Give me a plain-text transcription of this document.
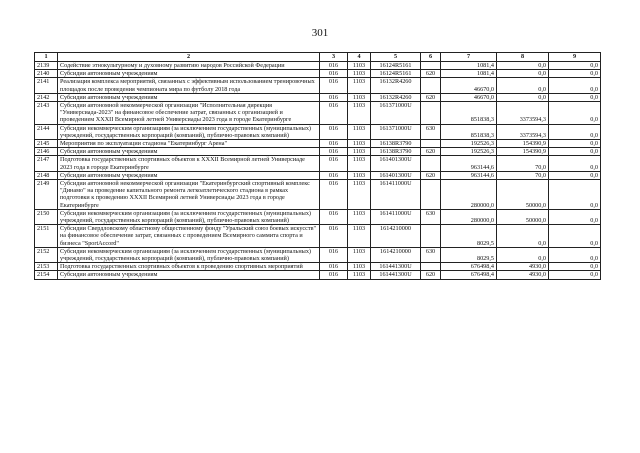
301
1	2	3	4	5	6	7	8	9
2139	Содействие этнокультурному и духовному развитию народов Российской Федерации	016	1103	16124R5161		1081,4	0,0	0,0
2140	Субсидии автономным учреждениям	016	1103	16124R5161	620	1081,4	0,0	0,0
2141	Реализация комплекса мероприятий, связанных с эффективным использованием тренировочных площадок после проведения чемпионата мира по футболу 2018 года	016	1103	16132R4260		46670,0	0,0	0,0
2142	Субсидии автономным учреждениям	016	1103	16132R4260	620	46670,0	0,0	0,0
2143	Субсидии автономной некоммерческой организации "Исполнительная дирекция "Универсиада-2023" на финансовое обеспечение затрат, связанных с организацией и проведением XXXII Всемирной летней Универсиады 2023 года в городе Екатеринбурге	016	1103	161371000U		851838,3	3373594,3	0,0
2144	Субсидии некоммерческим организациям (за исключением государственных (муниципальных) учреждений, государственных корпораций (компаний), публично-правовых компаний)	016	1103	161371000U	630	851838,3	3373594,3	0,0
2145	Мероприятия по эксплуатации стадиона "Екатеринбург Арена"	016	1103	16138R3790		192526,3	154390,9	0,0
2146	Субсидии автономным учреждениям	016	1103	16138R3790	620	192526,3	154390,9	0,0
2147	Подготовка государственных спортивных объектов к XXXII Всемирной летней Универсиаде 2023 года в городе Екатеринбурге	016	1103	161401300U		963144,6	70,0	0,0
2148	Субсидии автономным учреждениям	016	1103	161401300U	620	963144,6	70,0	0,0
2149	Субсидии автономной некоммерческой организации "Екатеринбургский спортивный комплекс "Динамо" на проведение капитального ремонта легкоатлетического стадиона в рамках подготовки к проведению XXXII Всемирной летней Универсиады 2023 года в городе Екатеринбурге	016	1103	161411000U		280000,0	50000,0	0,0
2150	Субсидии некоммерческим организациям (за исключением государственных (муниципальных) учреждений, государственных корпораций (компаний), публично-правовых компаний)	016	1103	161411000U	630	280000,0	50000,0	0,0
2151	Субсидии Свердловскому областному общественному фонду "Уральский союз боевых искусств" на финансовое обеспечение затрат, связанных с проведением Всемирного саммита спорта и бизнеса "SportAccord"	016	1103	1614210000		8029,5	0,0	0,0
2152	Субсидии некоммерческим организациям (за исключением государственных (муниципальных) учреждений, государственных корпораций (компаний), публично-правовых компаний)	016	1103	1614210000	630	8029,5	0,0	0,0
2153	Подготовка государственных спортивных объектов к проведению спортивных мероприятий	016	1103	161441300U		676498,4	4930,0	0,0
2154	Субсидии автономным учреждениям	016	1103	161441300U	620	676498,4	4930,0	0,0
